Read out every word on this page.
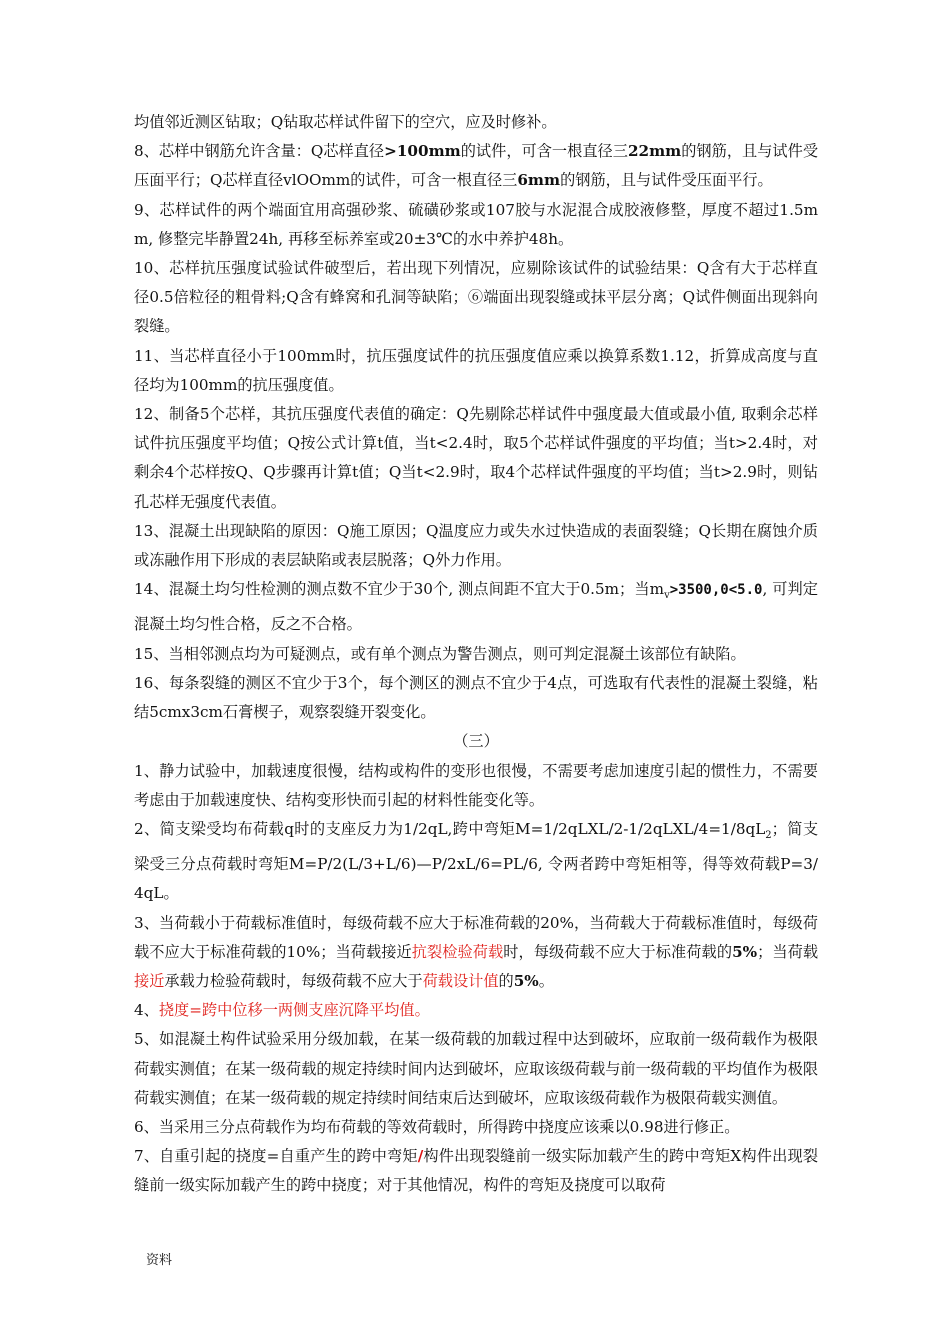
均值邻近测区钻取；Q钻取芯样试件留下的空穴，应及时修补。

8、芯样中钢筋允许含量：Q芯样直径>100mm的试件，可含一根直径三22mm的钢筋，且与试件受压面平行；Q芯样直径vlOOmm的试件，可含一根直径三6mm的钢筋，且与试件受压面平行。

9、芯样试件的两个端面宜用高强砂浆、硫磺砂浆或107胶与水泥混合成胶液修整，厚度不超过1.5mm, 修整完毕静置24h, 再移至标养室或20±3℃的水中养护48h。

10、芯样抗压强度试验试件破型后，若出现下列情况，应剔除该试件的试验结果：Q含有大于芯样直径0.5倍粒径的粗骨料;Q含有蜂窝和孔洞等缺陷；⑥端面出现裂缝或抹平层分离；Q试件侧面出现斜向裂缝。

11、当芯样直径小于100mm时，抗压强度试件的抗压强度值应乘以换算系数1.12，折算成高度与直径均为100mm的抗压强度值。

12、制备5个芯样，其抗压强度代表值的确定：Q先剔除芯样试件中强度最大值或最小值, 取剩余芯样试件抗压强度平均值；Q按公式计算t值，当t<2.4时，取5个芯样试件强度的平均值；当t>2.4时，对剩余4个芯样按Q、Q步骤再计算t值；Q当t<2.9时，取4个芯样试件强度的平均值；当t>2.9时，则钻孔芯样无强度代表值。

13、混凝土出现缺陷的原因：Q施工原因；Q温度应力或失水过快造成的表面裂缝；Q长期在腐蚀介质或冻融作用下形成的表层缺陷或表层脱落；Q外力作用。

14、混凝土均匀性检测的测点数不宜少于30个, 测点间距不宜大于0.5m；当$m_v>3500,0<5.0$, 可判定混凝土均匀性合格，反之不合格。

15、当相邻测点均为可疑测点，或有单个测点为警告测点，则可判定混凝土该部位有缺陷。

16、每条裂缝的测区不宜少于3个，每个测区的测点不宜少于4点，可选取有代表性的混凝土裂缝，粘结5cmx3cm石膏楔子，观察裂缝开裂变化。

（三）

1、静力试验中，加载速度很慢，结构或构件的变形也很慢，不需要考虑加速度引起的惯性力，不需要考虑由于加载速度快、结构变形快而引起的材料性能变化等。

2、简支梁受均布荷载q时的支座反力为1/2qL,跨中弯矩$M=1/2qLXL/2-1/2qLXL/4=1/8qL_2$；简支梁受三分点荷载时弯矩M=P/2(L/3+L/6)—P/2xL/6=PL/6, 令两者跨中弯矩相等，得等效荷载P=3/4qL。

3、当荷载小于荷载标准值时，每级荷载不应大于标准荷载的20%，当荷载大于荷载标准值时，每级荷载不应大于标准荷载的10%；当荷载接近抗裂检验荷载时，每级荷载不应大于标准荷载的5%；当荷载接近承载力检验荷载时，每级荷载不应大于荷载设计值的5%。

4、挠度=跨中位移一两侧支座沉降平均值。

5、如混凝土构件试验采用分级加载，在某一级荷载的加载过程中达到破坏，应取前一级荷载作为极限荷载实测值；在某一级荷载的规定持续时间内达到破坏，应取该级荷载与前一级荷载的平均值作为极限荷载实测值；在某一级荷载的规定持续时间结束后达到破坏，应取该级荷载作为极限荷载实测值。

6、当采用三分点荷载作为均布荷载的等效荷载时，所得跨中挠度应该乘以0.98进行修正。

7、自重引起的挠度=自重产生的跨中弯矩/构件出现裂缝前一级实际加载产生的跨中弯矩X构件出现裂缝前一级实际加载产生的跨中挠度；对于其他情况，构件的弯矩及挠度可以取荷

资料
